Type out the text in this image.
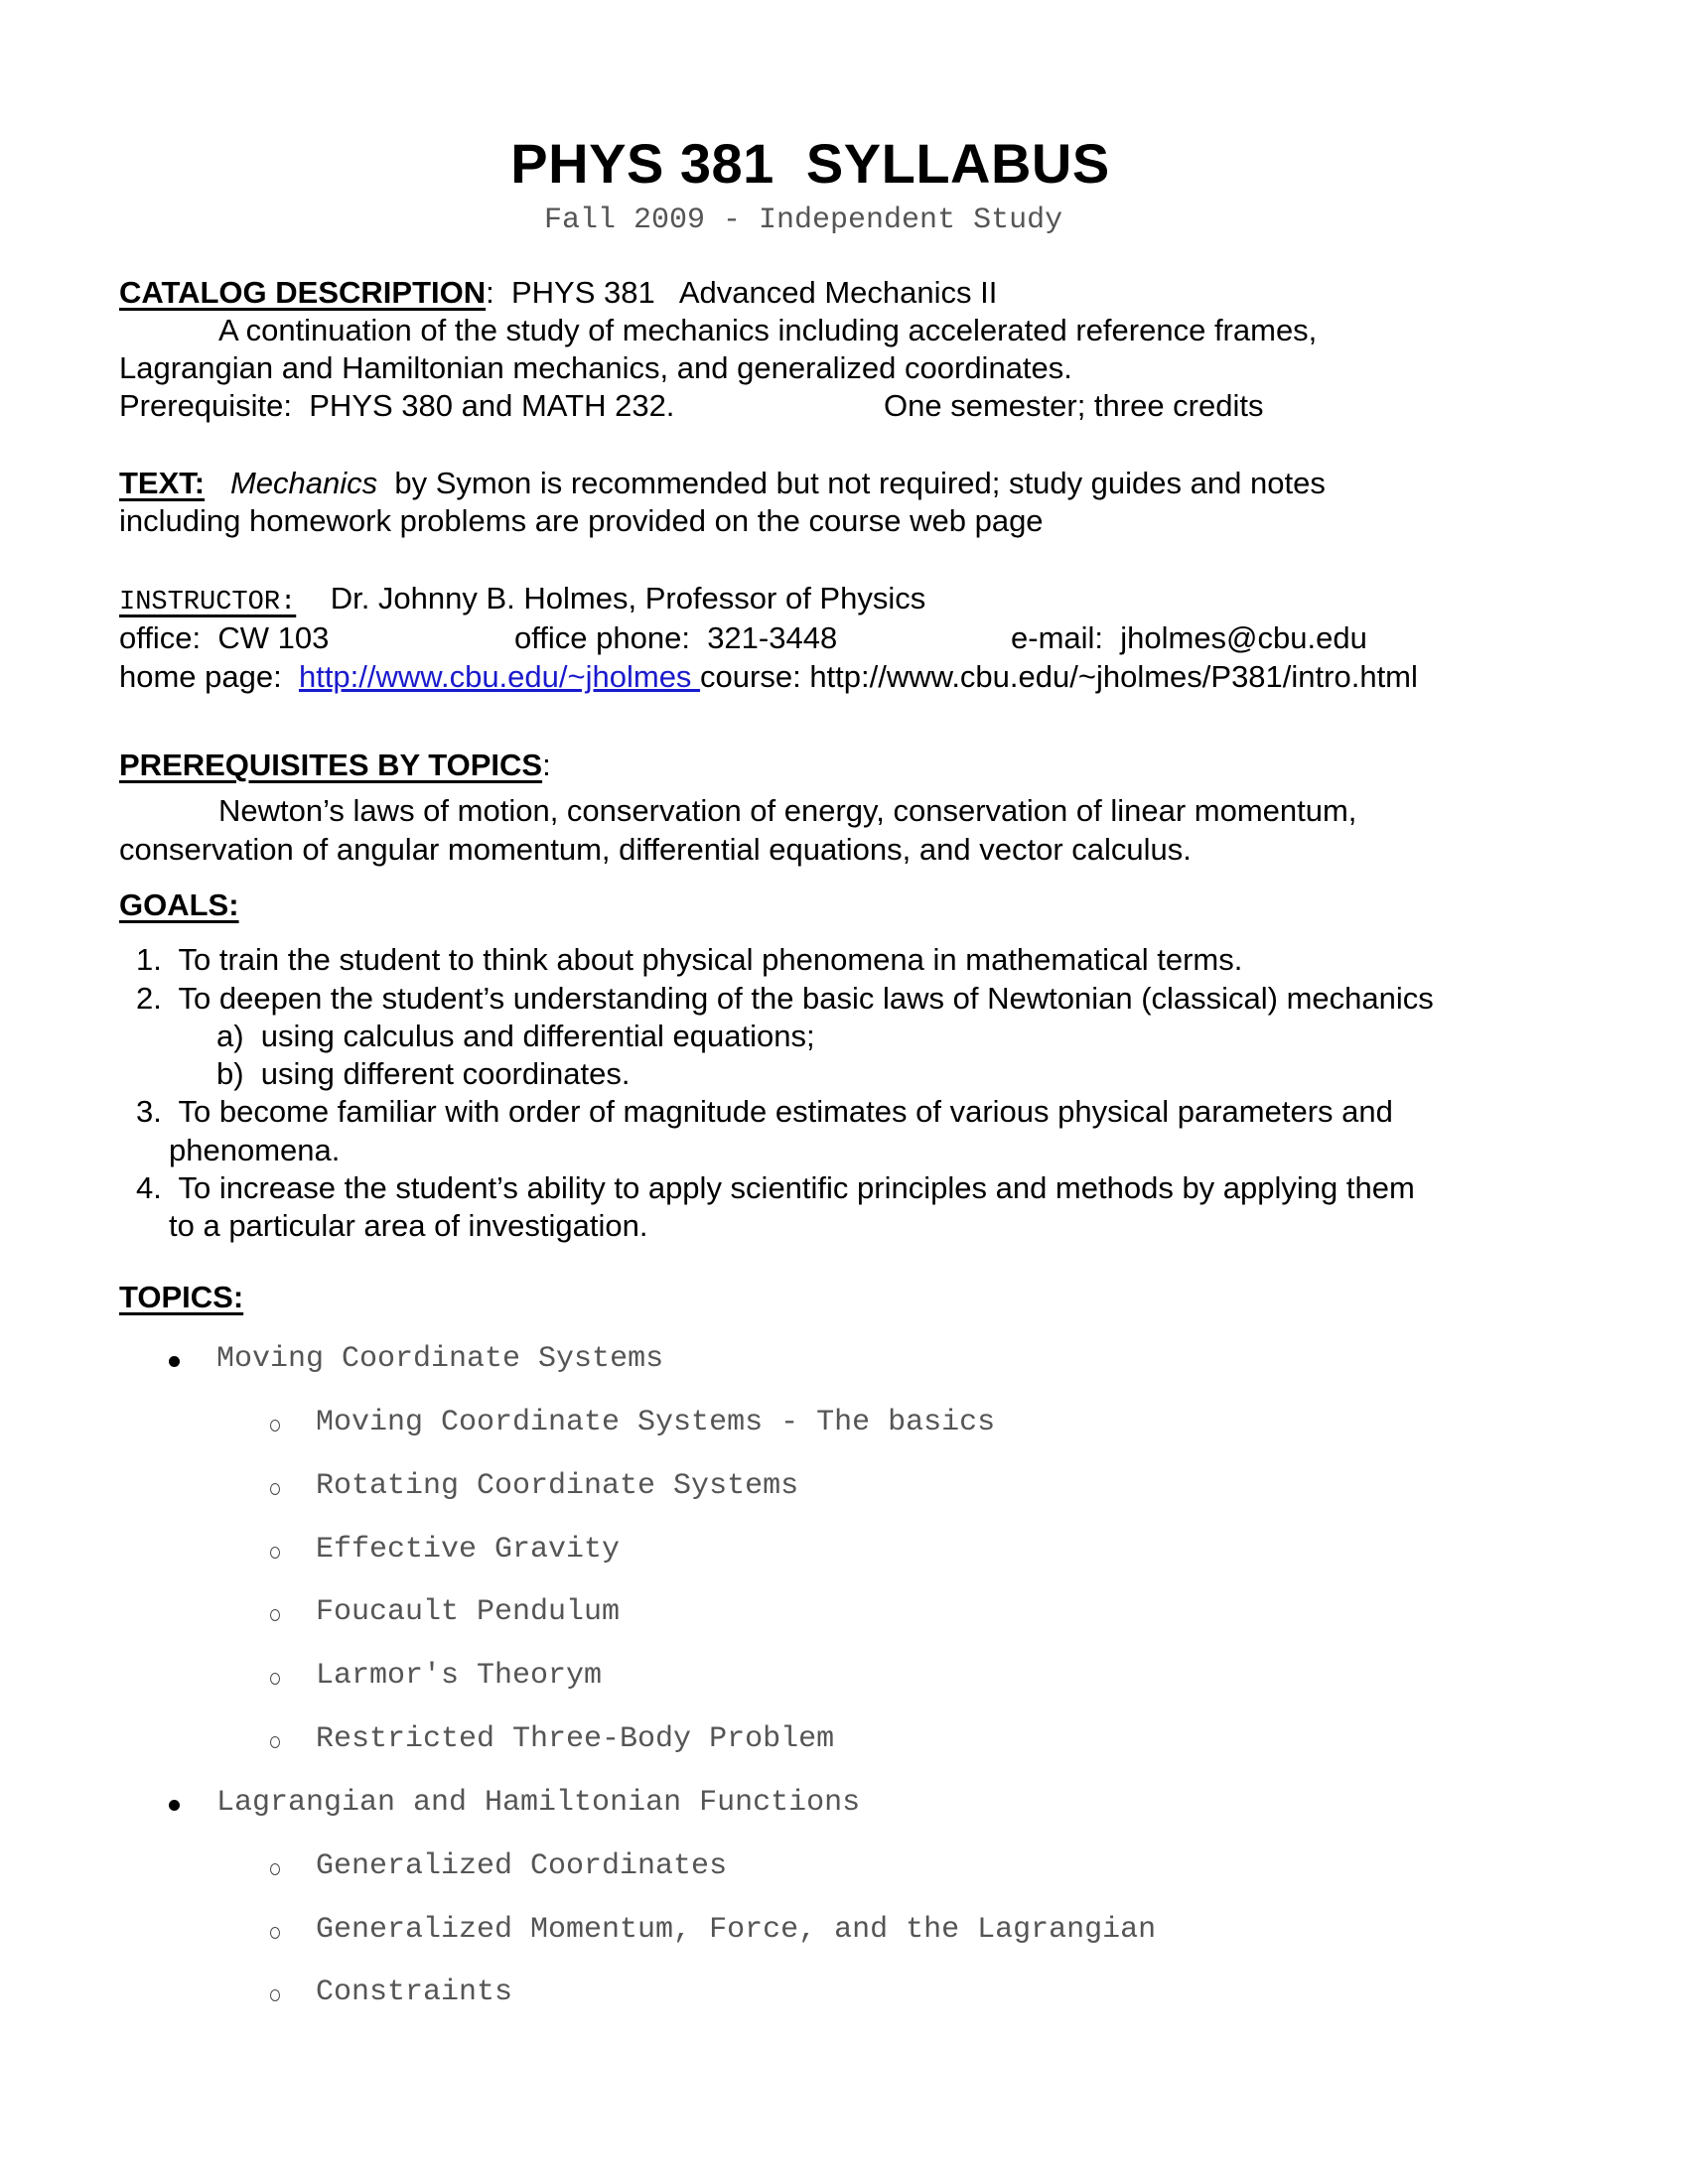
PHYS 381  SYLLABUS
Fall 2009 - Independent Study
CATALOG DESCRIPTION:  PHYS 381   Advanced Mechanics II
A continuation of the study of mechanics including accelerated reference frames,
Lagrangian and Hamiltonian mechanics, and generalized coordinates.
Prerequisite:  PHYS 380 and MATH 232.	One semester; three credits
TEXT: Mechanics  by Symon is recommended but not required; study guides and notes
including homework problems are provided on the course web page
INSTRUCTOR: Dr. Johnny B. Holmes, Professor of Physics
office:  CW 103	office phone:  321-3448	e-mail:  jholmes@cbu.edu
home page:  http://www.cbu.edu/~jholmes course: http://www.cbu.edu/~jholmes/P381/intro.html
PREREQUISITES BY TOPICS:
Newton’s laws of motion, conservation of energy, conservation of linear momentum,
conservation of angular momentum, differential equations, and vector calculus.
GOALS:
1.  To train the student to think about physical phenomena in mathematical terms.
2.  To deepen the student’s understanding of the basic laws of Newtonian (classical) mechanics
a)  using calculus and differential equations;
b)  using different coordinates.
3.  To become familiar with order of magnitude estimates of various physical parameters and
phenomena.
4.  To increase the student’s ability to apply scientific principles and methods by applying them
to a particular area of investigation.
TOPICS:
Moving Coordinate Systems
Moving Coordinate Systems - The basics
Rotating Coordinate Systems
Effective Gravity
Foucault Pendulum
Larmor's Theorym
Restricted Three-Body Problem
Lagrangian and Hamiltonian Functions
Generalized Coordinates
Generalized Momentum, Force, and the Lagrangian
Constraints
